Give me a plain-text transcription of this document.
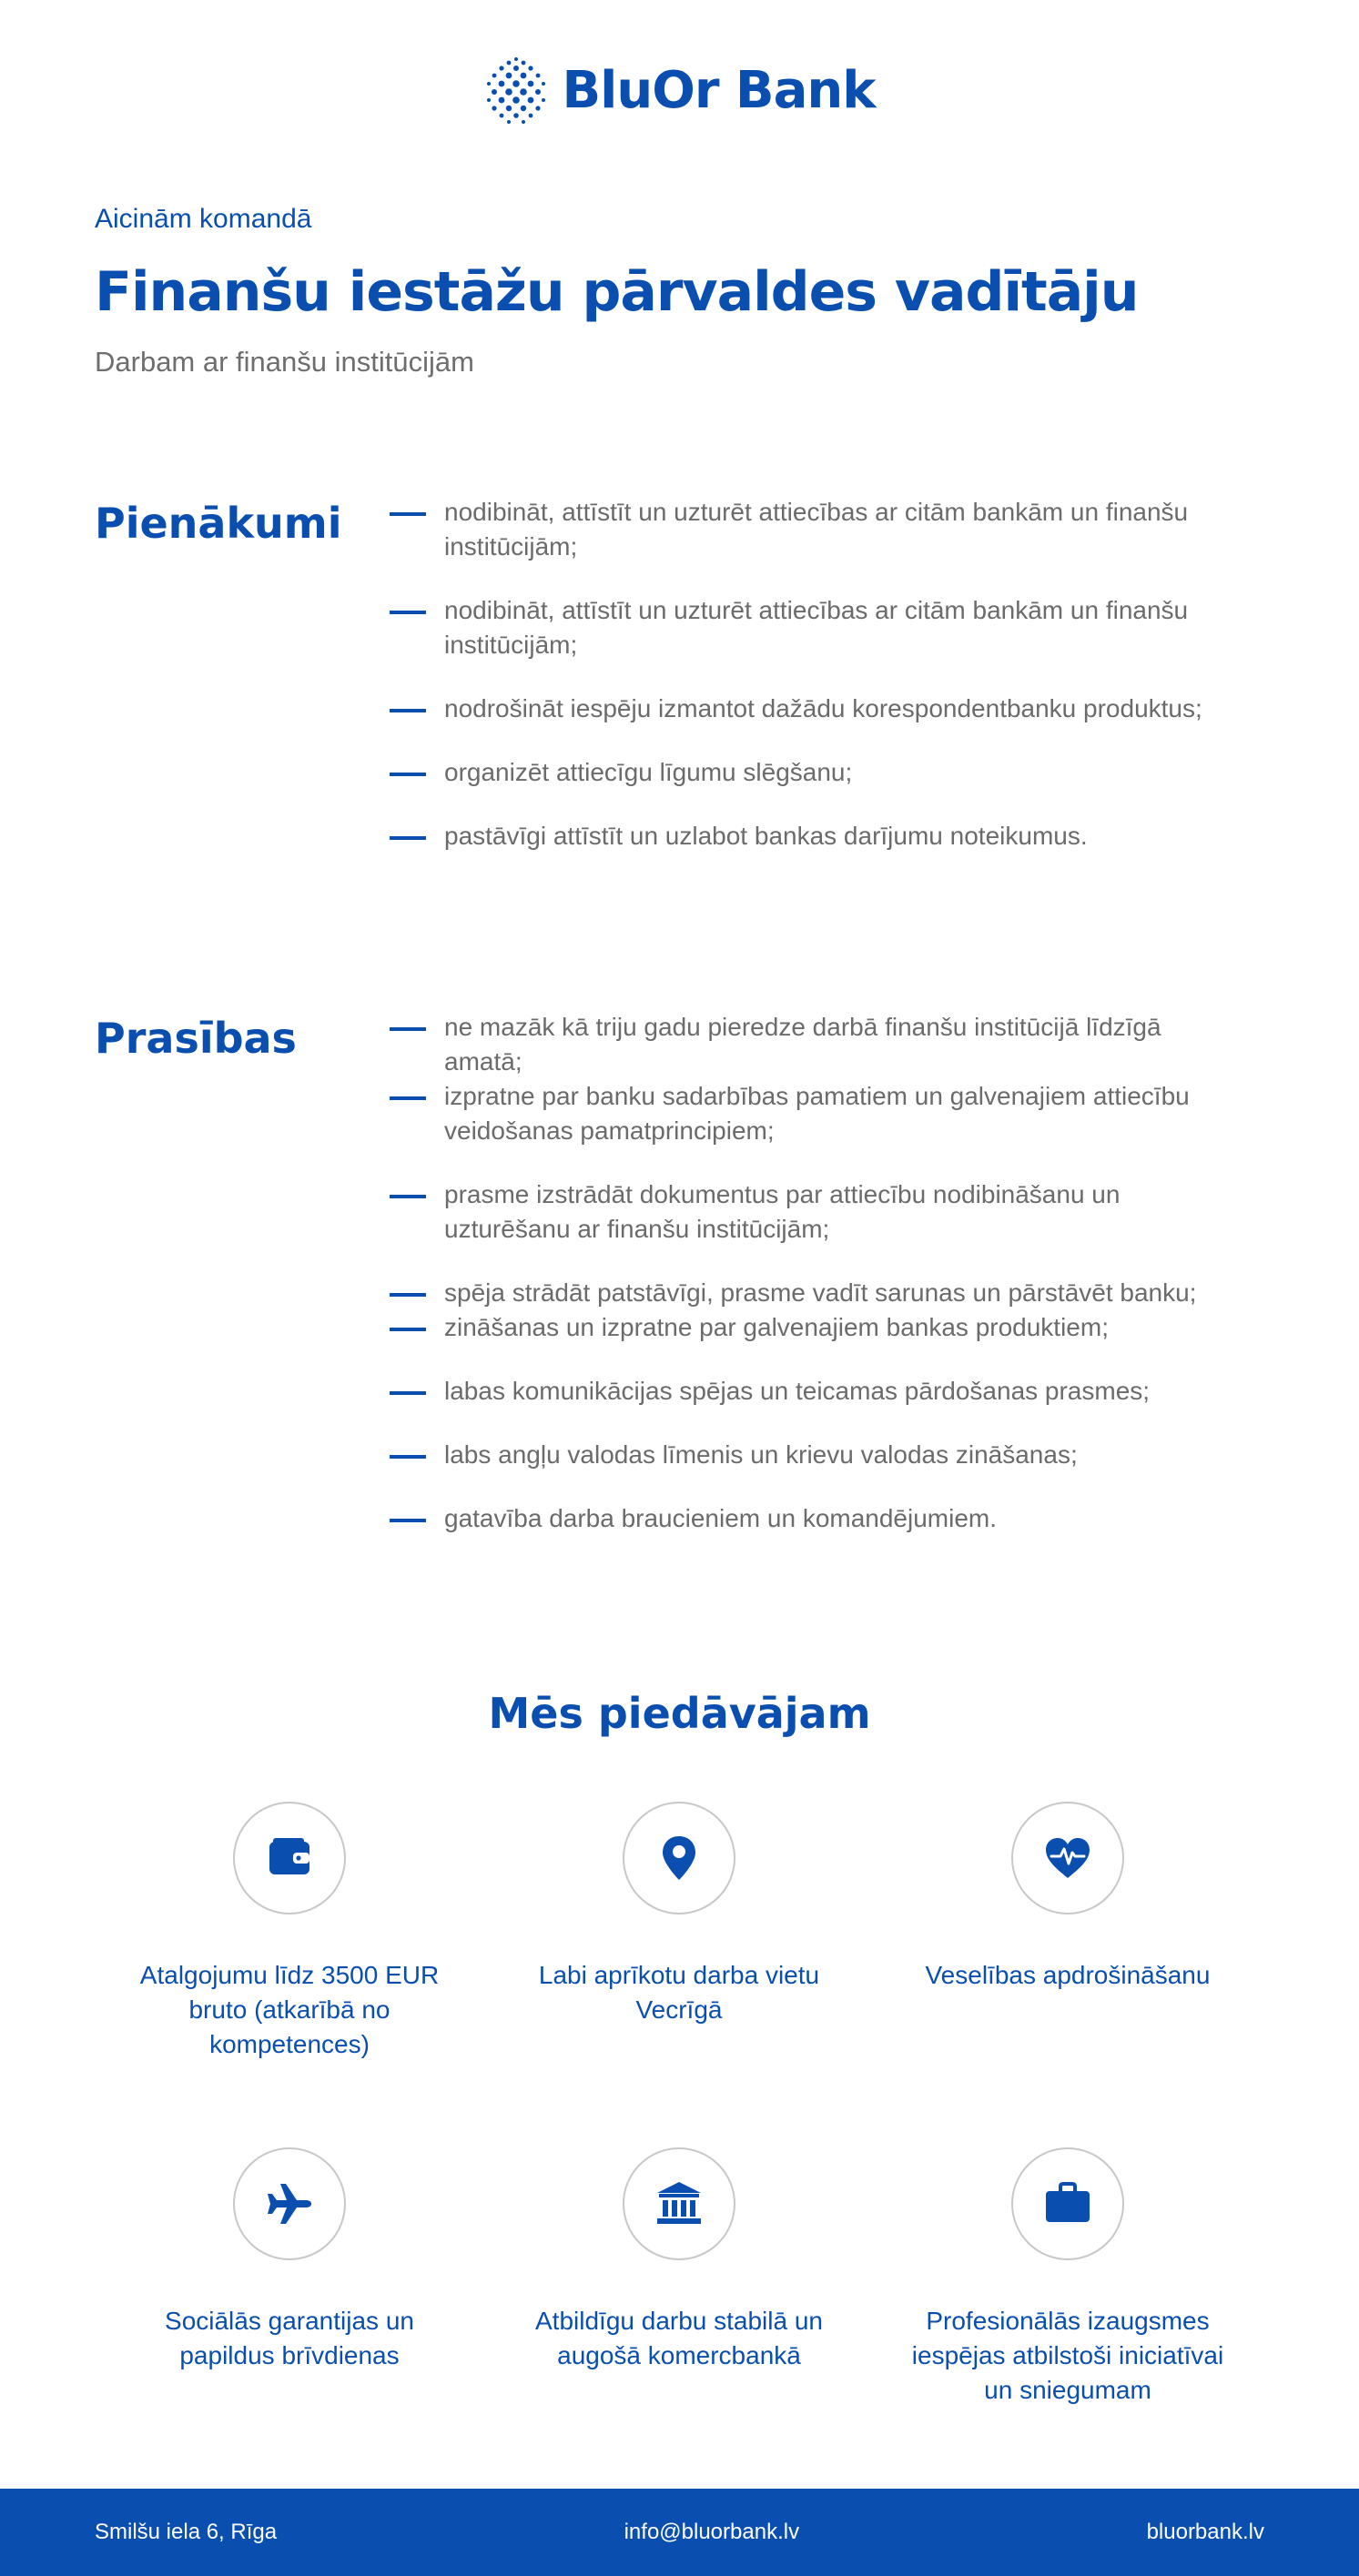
BluOr Bank
Aicinām komandā
Finanšu iestāžu pārvaldes vadītāju
Darbam ar finanšu institūcijām
Pienākumi	nodibināt, attīstīt un uzturēt attiecības ar citām bankām un finanšu institūcijām;
nodibināt, attīstīt un uzturēt attiecības ar citām bankām un finanšu institūcijām;
nodrošināt iespēju izmantot dažādu korespondentbanku produktus;
organizēt attiecīgu līgumu slēgšanu;
pastāvīgi attīstīt un uzlabot bankas darījumu noteikumus.
Prasības	ne mazāk kā triju gadu pieredze darbā finanšu institūcijā līdzīgā amatā;
izpratne par banku sadarbības pamatiem un galvenajiem attiecību veidošanas pamatprincipiem;
prasme izstrādāt dokumentus par attiecību nodibināšanu un uzturēšanu ar finanšu institūcijām;
spēja strādāt patstāvīgi, prasme vadīt sarunas un pārstāvēt banku;
zināšanas un izpratne par galvenajiem bankas produktiem;
labas komunikācijas spējas un teicamas pārdošanas prasmes;
labs angļu valodas līmenis un krievu valodas zināšanas;
gatavība darba braucieniem un komandējumiem.
Mēs piedāvājam
Atalgojumu līdz 3500 EUR bruto (atkarībā no kompetences)
Labi aprīkotu darba vietu Vecrīgā
Veselības apdrošināšanu
Sociālās garantijas un papildus brīvdienas
Atbildīgu darbu stabilā un augošā komercbankā
Profesionālās izaugsmes iespējas atbilstoši iniciatīvai un sniegumam
Smilšu iela 6, Rīga	info@bluorbank.lv	bluorbank.lv
